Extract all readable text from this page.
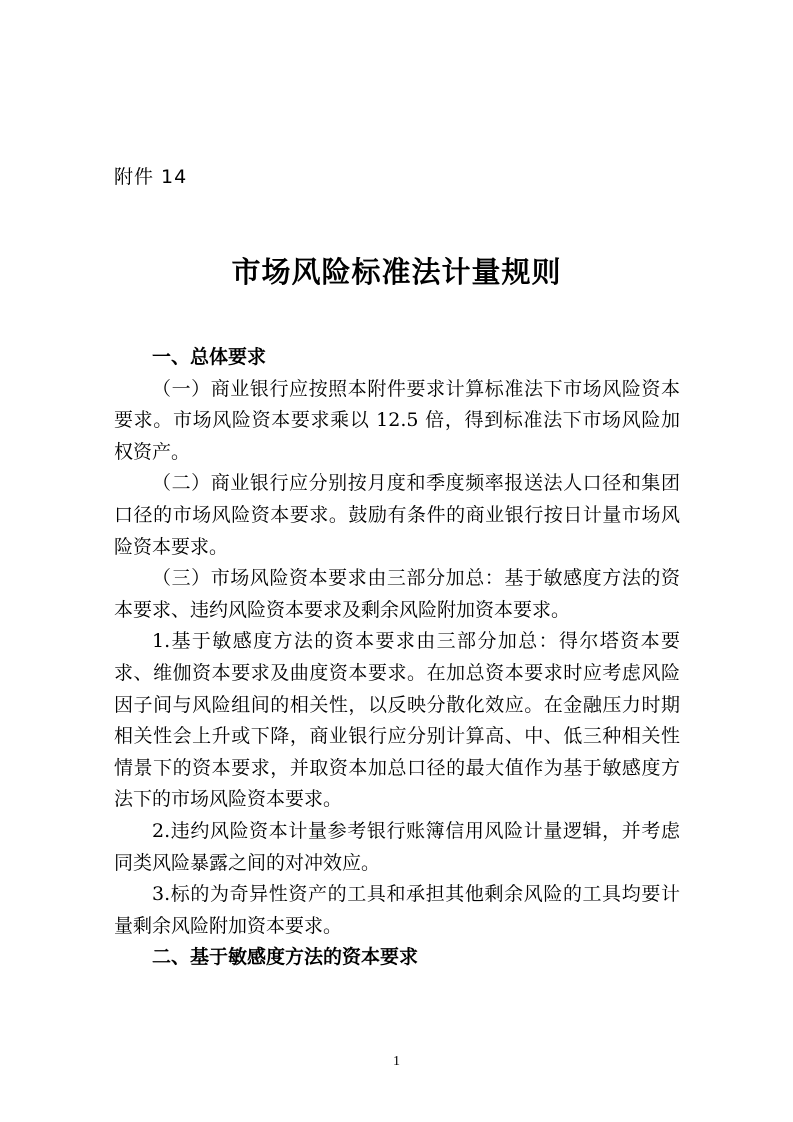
附件 14
市场风险标准法计量规则

一、总体要求

（一）商业银行应按照本附件要求计算标准法下市场风险资本要求。市场风险资本要求乘以 12.5 倍，得到标准法下市场风险加权资产。

（二）商业银行应分别按月度和季度频率报送法人口径和集团口径的市场风险资本要求。鼓励有条件的商业银行按日计量市场风险资本要求。

（三）市场风险资本要求由三部分加总：基于敏感度方法的资本要求、违约风险资本要求及剩余风险附加资本要求。

1.基于敏感度方法的资本要求由三部分加总：得尔塔资本要求、维伽资本要求及曲度资本要求。在加总资本要求时应考虑风险因子间与风险组间的相关性，以反映分散化效应。在金融压力时期相关性会上升或下降，商业银行应分别计算高、中、低三种相关性情景下的资本要求，并取资本加总口径的最大值作为基于敏感度方法下的市场风险资本要求。

2.违约风险资本计量参考银行账簿信用风险计量逻辑，并考虑同类风险暴露之间的对冲效应。

3.标的为奇异性资产的工具和承担其他剩余风险的工具均要计量剩余风险附加资本要求。

二、基于敏感度方法的资本要求

1
